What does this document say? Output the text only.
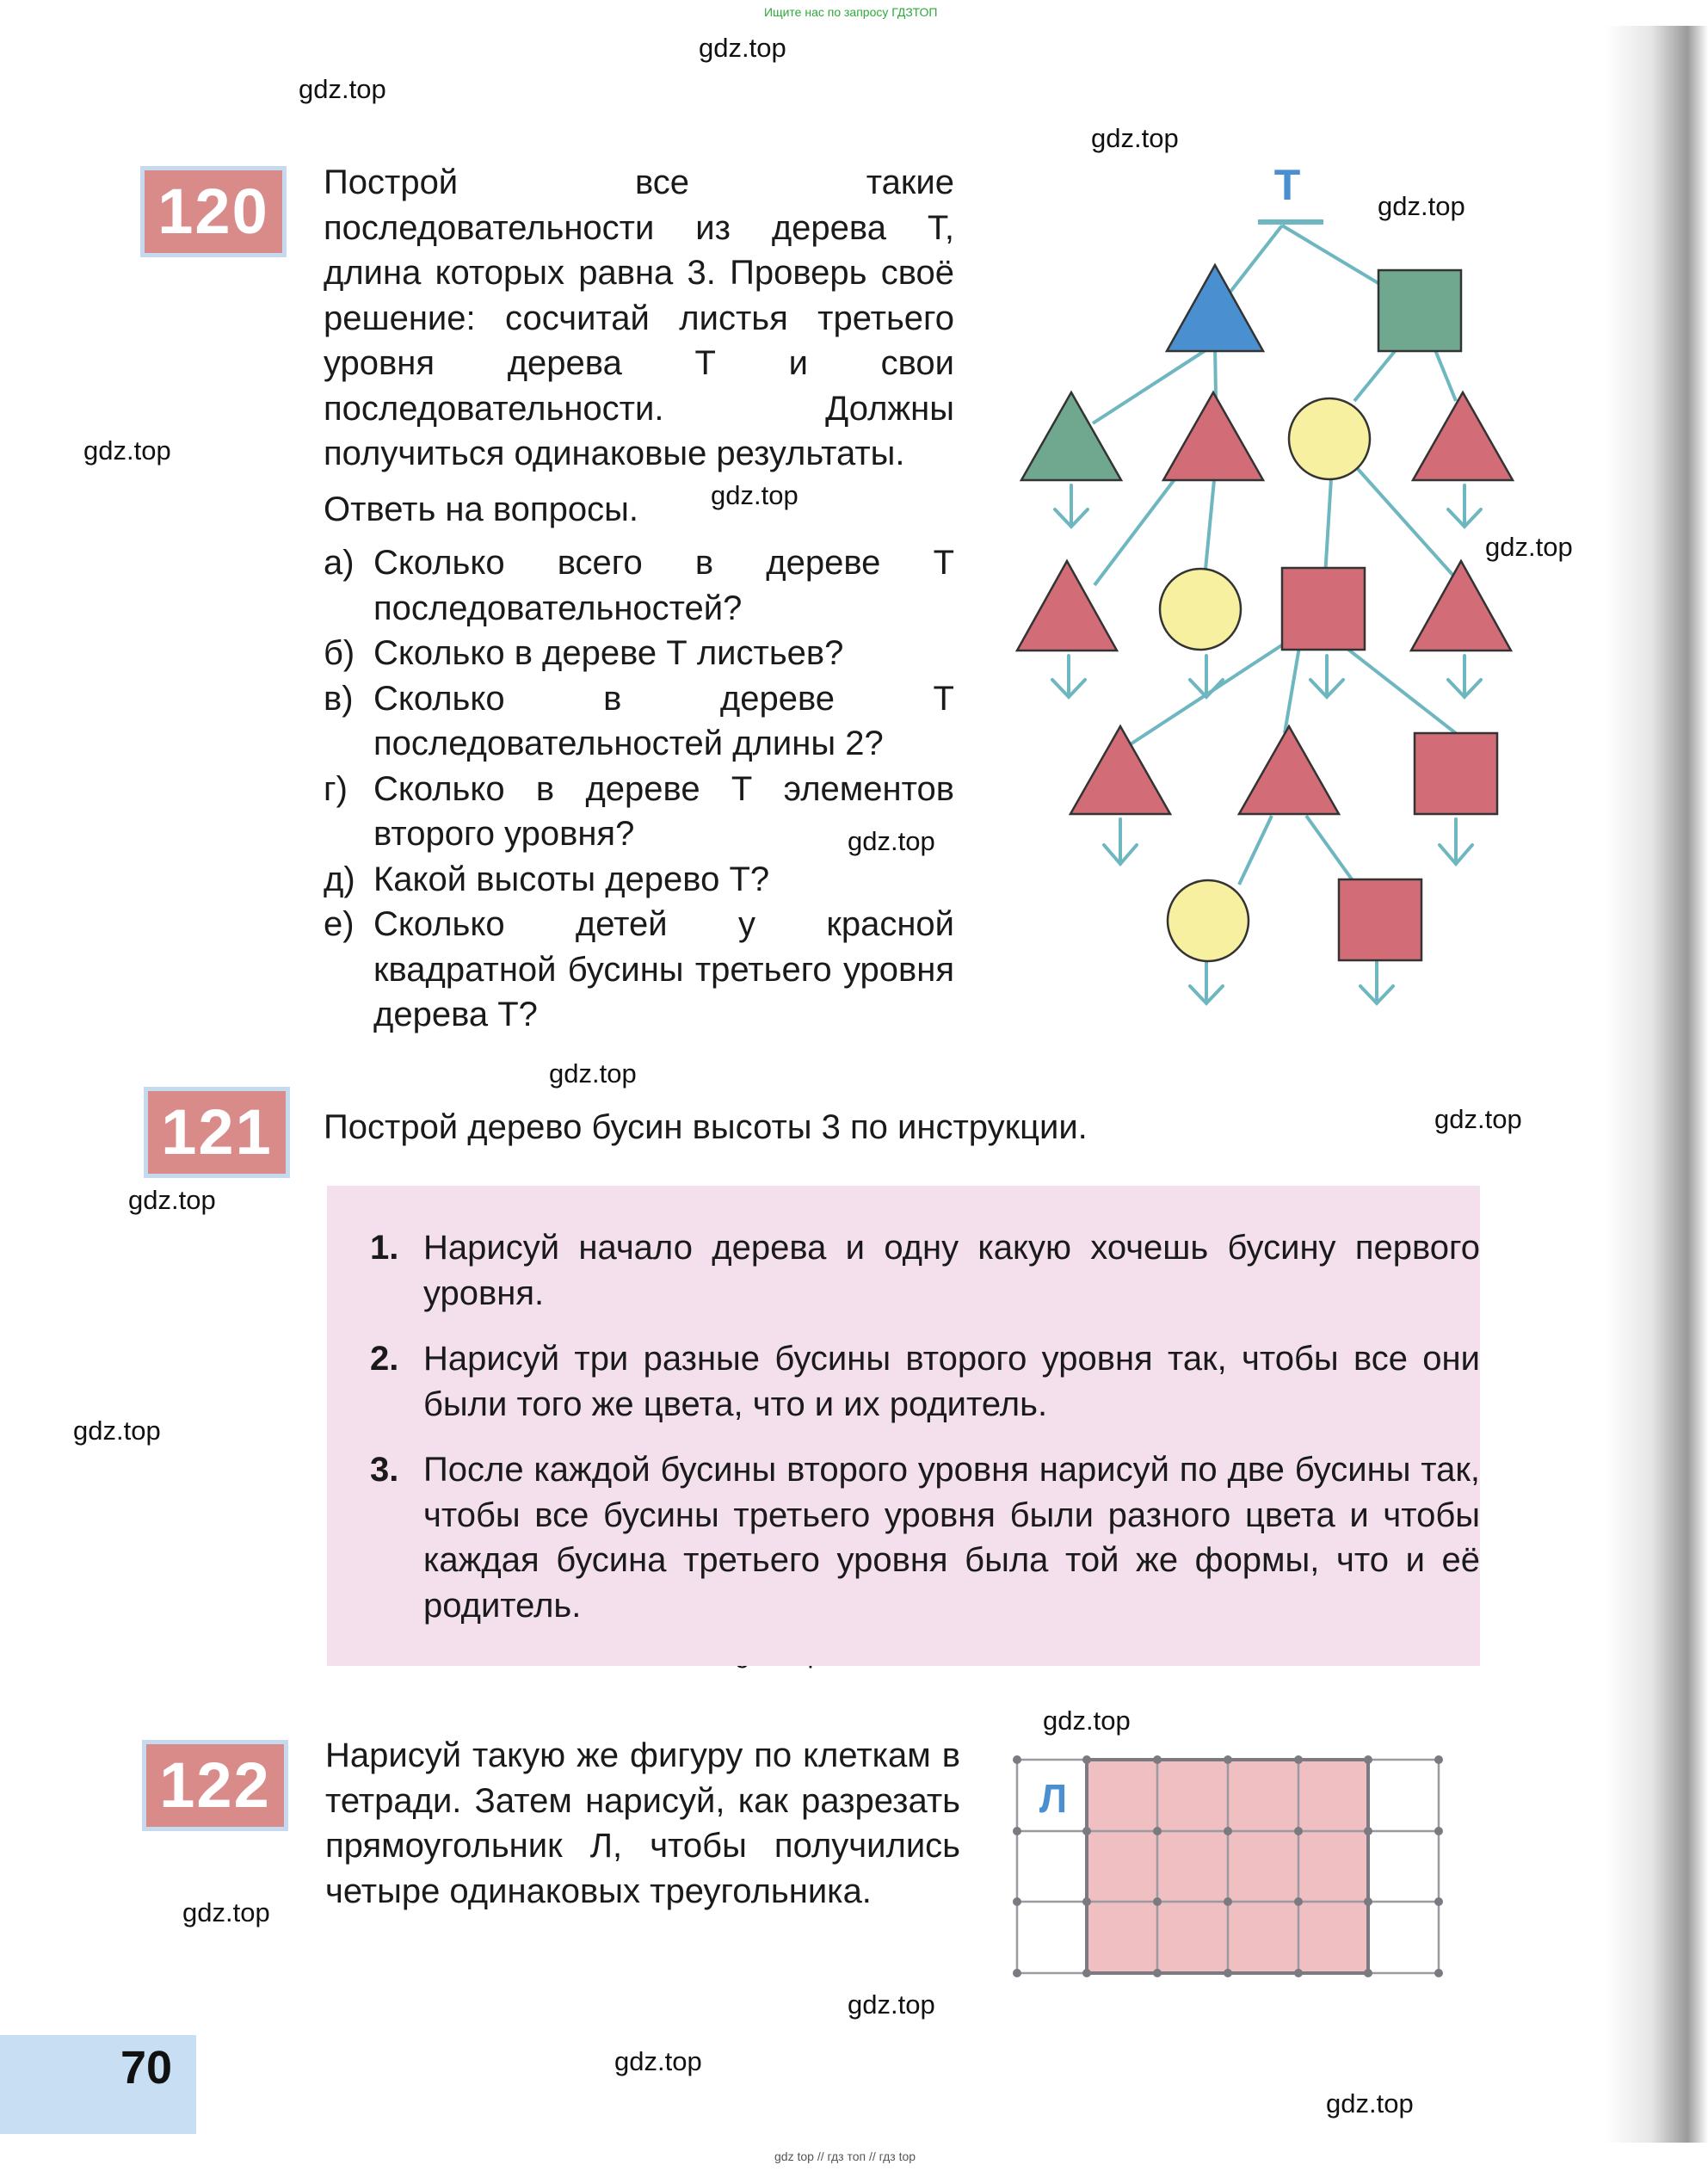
Ищите нас по запросу ГДЗТОП
gdz top // гдз топ // гдз top
gdz.top
gdz.top
gdz.top
gdz.top
gdz.top
gdz.top
gdz.top
gdz.top
gdz.top
gdz.top
gdz.top
gdz.top
gdz.top
gdz.top
gdz.top
gdz.top
gdz.top
120	Построй все такие последовательности из дерева Т, длина которых равна 3. Проверь своё решение: сосчитай листья третьего уровня дерева Т и свои последовательности. Должны получиться одинаковые результаты.

Ответь на вопросы.

а) Сколько всего в дереве Т последовательностей?
б) Сколько в дереве Т листьев?
в) Сколько в дереве Т последовательностей длины 2?
г) Сколько в дереве Т элементов второго уровня?
д) Какой высоты дерево Т?
е) Сколько детей у красной квадратной бусины третьего уровня дерева Т?
Т
121	Построй дерево бусин высоты 3 по инструкции.
1. Нарисуй начало дерева и одну какую хочешь бусину первого уровня.
2. Нарисуй три разные бусины второго уровня так, чтобы все они были того же цвета, что и их родитель.
3. После каждой бусины второго уровня нарисуй по две бусины так, чтобы все бусины третьего уровня были разного цвета и чтобы каждая бусина третьего уровня была той же формы, что и её родитель.
122	Нарисуй такую же фигуру по клеткам в тетради. Затем нарисуй, как разрезать прямоугольник Л, чтобы получились четыре одинаковых треугольника.

Л
70
